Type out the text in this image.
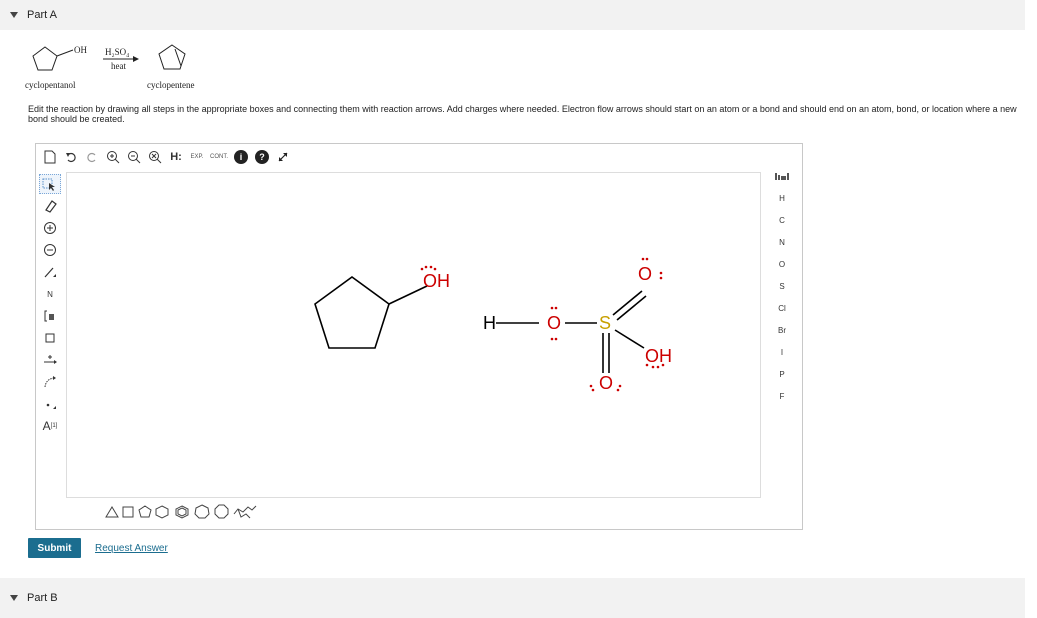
Part A
OH H₂SO₄
heat
cyclopentanol	cyclopentene
Edit the reaction by drawing all steps in the appropriate boxes and connecting them with reaction arrows. Add charges where needed. Electron flow arrows should start on an atom or a bond and should end on an atom, bond, or location where a new bond should be created.
H:	EXP. CONT.	i	?
N
A [1]
OH
H	O S
O
O
OH
H
C
N
O
S
Cl
Br
I
P
F
Submit	Request Answer
Part B
